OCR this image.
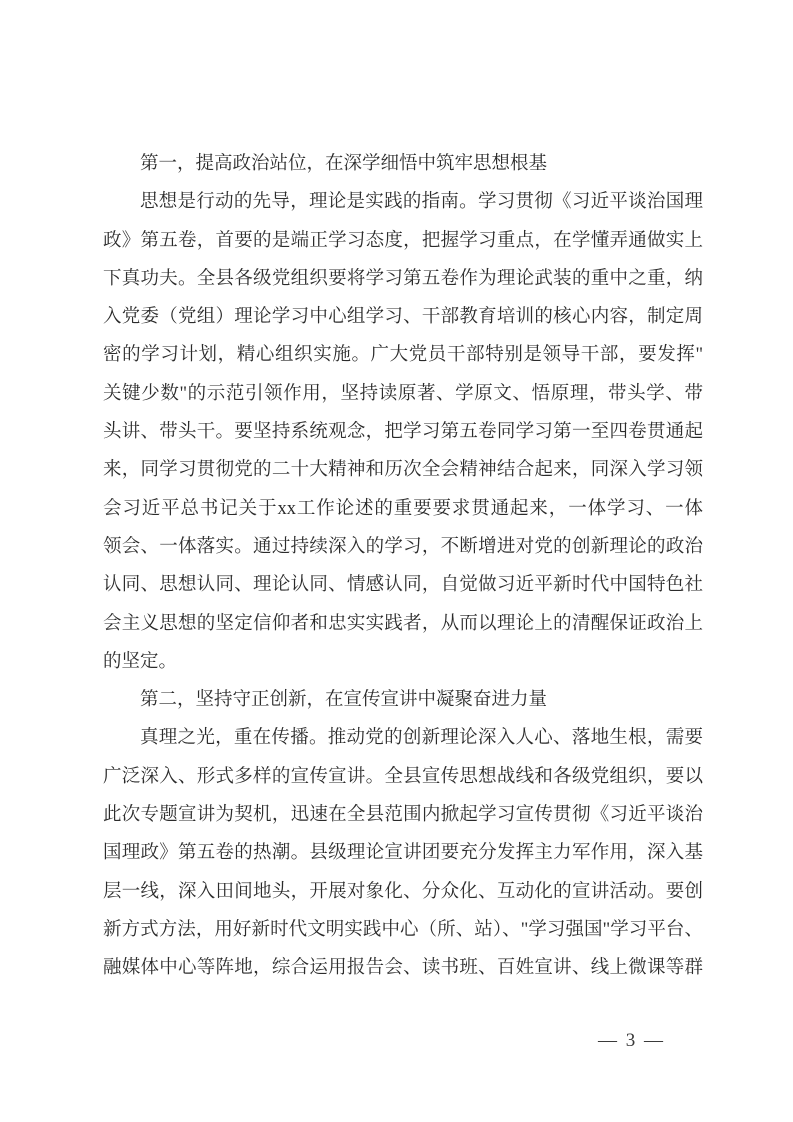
第一，提高政治站位，在深学细悟中筑牢思想根基
思想是行动的先导，理论是实践的指南。学习贯彻《习近平谈治国理
政》第五卷，首要的是端正学习态度，把握学习重点，在学懂弄通做实上
下真功夫。全县各级党组织要将学习第五卷作为理论武装的重中之重，纳
入党委（党组）理论学习中心组学习、干部教育培训的核心内容，制定周
密的学习计划，精心组织实施。广大党员干部特别是领导干部，要发挥"
关键少数"的示范引领作用，坚持读原著、学原文、悟原理，带头学、带
头讲、带头干。要坚持系统观念，把学习第五卷同学习第一至四卷贯通起
来，同学习贯彻党的二十大精神和历次全会精神结合起来，同深入学习领
会习近平总书记关于xx工作论述的重要要求贯通起来，一体学习、一体
领会、一体落实。通过持续深入的学习，不断增进对党的创新理论的政治
认同、思想认同、理论认同、情感认同，自觉做习近平新时代中国特色社
会主义思想的坚定信仰者和忠实实践者，从而以理论上的清醒保证政治上
的坚定。
第二，坚持守正创新，在宣传宣讲中凝聚奋进力量
真理之光，重在传播。推动党的创新理论深入人心、落地生根，需要
广泛深入、形式多样的宣传宣讲。全县宣传思想战线和各级党组织，要以
此次专题宣讲为契机，迅速在全县范围内掀起学习宣传贯彻《习近平谈治
国理政》第五卷的热潮。县级理论宣讲团要充分发挥主力军作用，深入基
层一线，深入田间地头，开展对象化、分众化、互动化的宣讲活动。要创
新方式方法，用好新时代文明实践中心（所、站）、"学习强国"学习平台、
融媒体中心等阵地，综合运用报告会、读书班、百姓宣讲、线上微课等群
— 3 —
